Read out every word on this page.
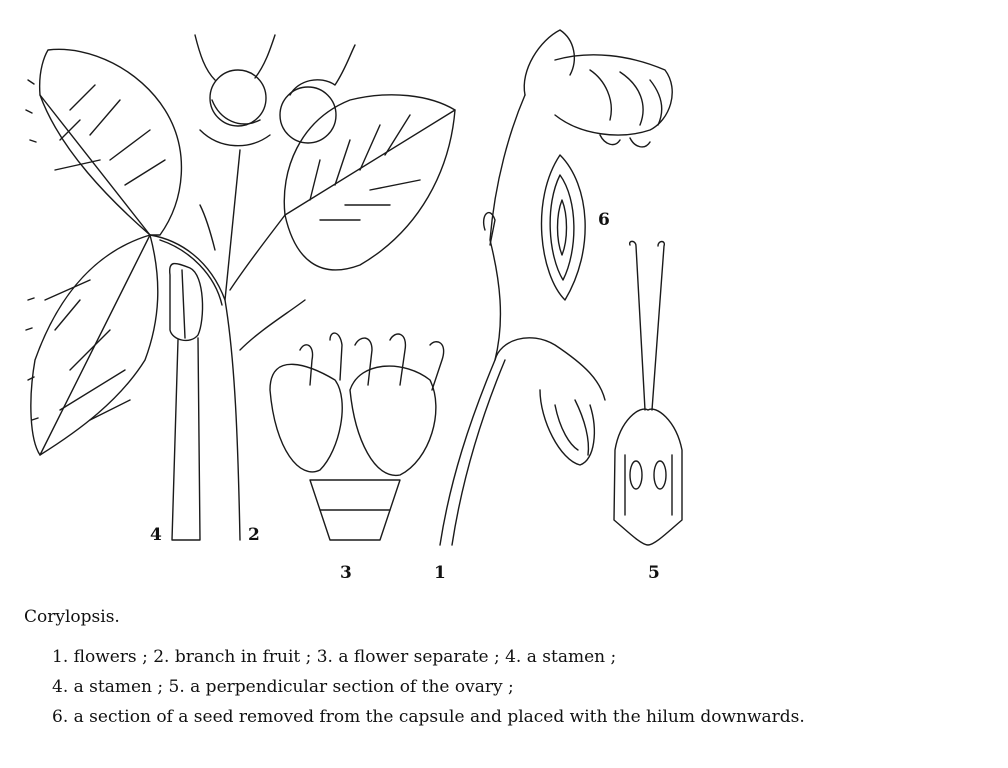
4	2
3	1	5
6
Corylopsis.
1. flowers ; 2. branch in fruit ; 3. a flower separate ; 4. a stamen ;
4. a stamen ; 5. a perpendicular section of the ovary ;
6. a section of a seed removed from the capsule and placed with the hilum downwards.
